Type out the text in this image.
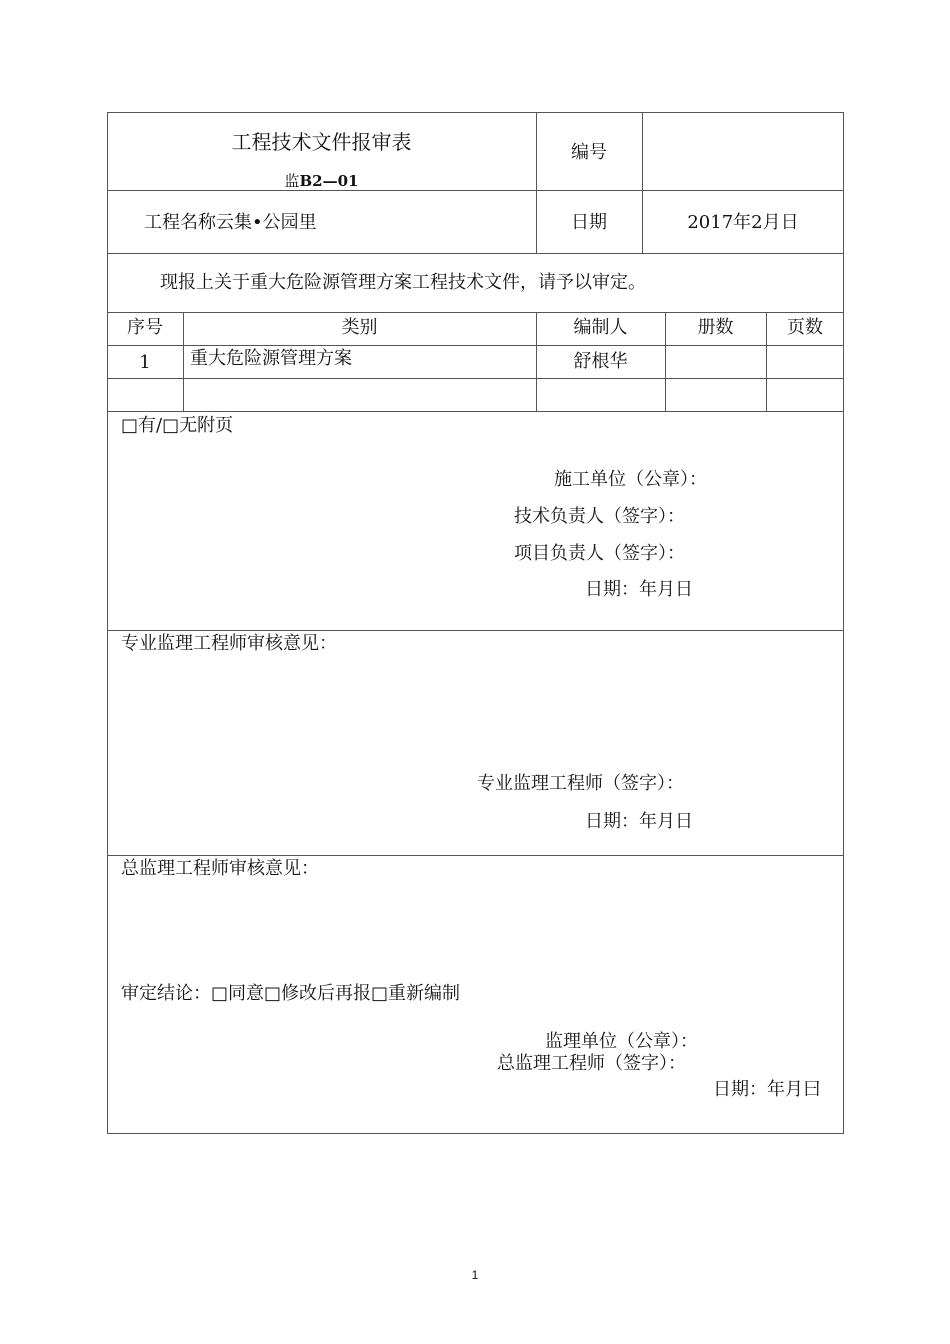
工程技术文件报审表
监B2—01
编号
工程名称云集•公园里	日期	2017年2月日
现报上关于重大危险源管理方案工程技术文件，请予以审定。
序号	类别	编制人	册数	页数
1	重大危险源管理方案	舒根华
□有/□无附页
施工单位（公章）：
技术负责人（签字）：
项目负责人（签字）：
日期：年月日
专业监理工程师审核意见：
专业监理工程师（签字）：
日期：年月日
总监理工程师审核意见：
审定结论：□同意□修改后再报□重新编制
监理单位（公章）：
总监理工程师（签字）：
日期：年月曰
1
